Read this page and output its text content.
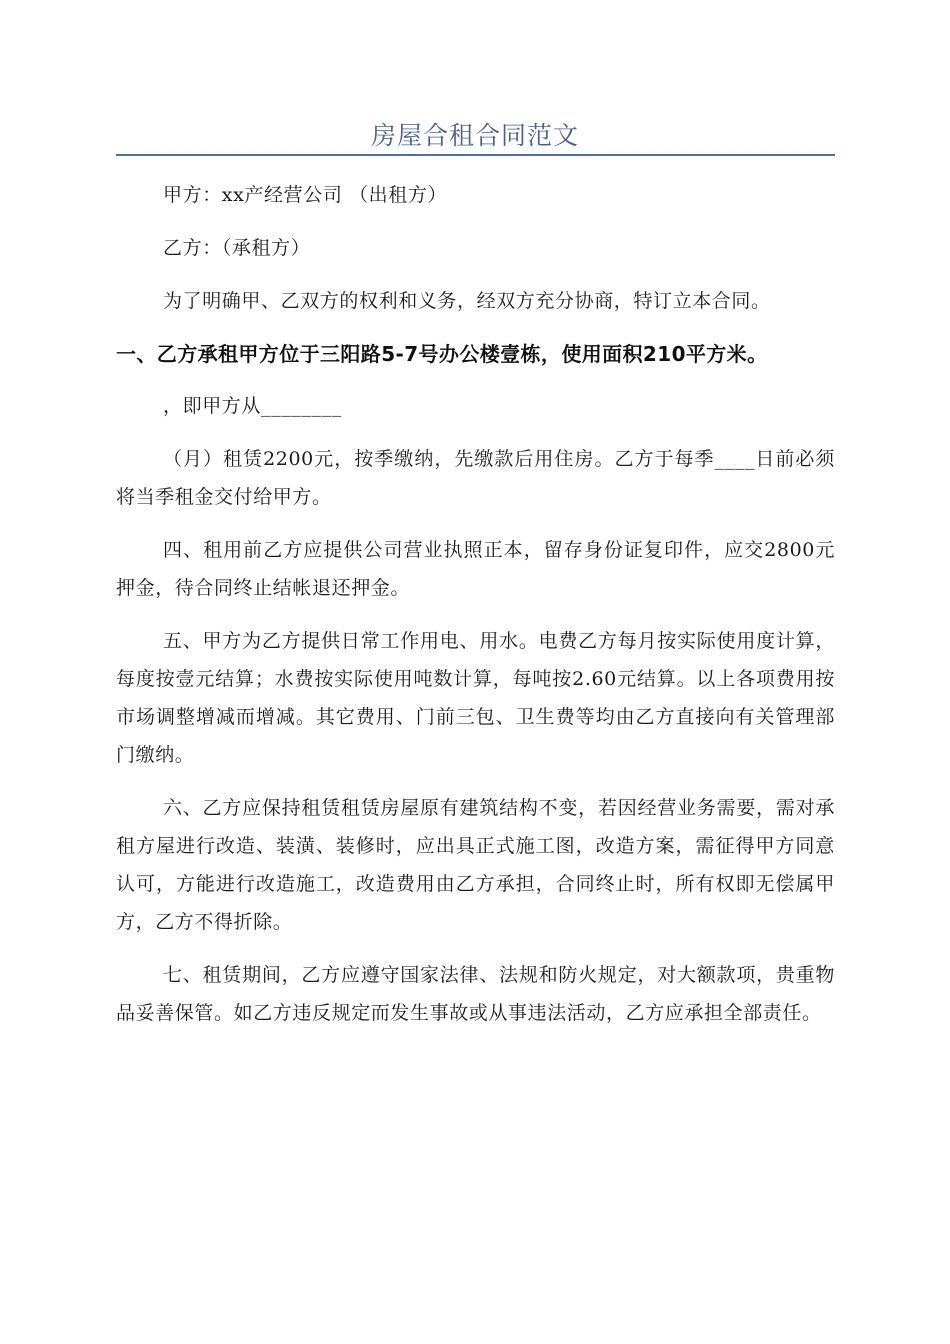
房屋合租合同范文

甲方：xx产经营公司 （出租方）

乙方：（承租方）

为了明确甲、乙双方的权利和义务，经双方充分协商，特订立本合同。

一、乙方承租甲方位于三阳路5-7号办公楼壹栋，使用面积210平方米。

，即甲方从________

（月）租赁2200元，按季缴纳，先缴款后用住房。乙方于每季____日前必须将当季租金交付给甲方。

四、租用前乙方应提供公司营业执照正本，留存身份证复印件，应交2800元押金，待合同终止结帐退还押金。

五、甲方为乙方提供日常工作用电、用水。电费乙方每月按实际使用度计算，每度按壹元结算；水费按实际使用吨数计算，每吨按2.60元结算。以上各项费用按市场调整增减而增减。其它费用、门前三包、卫生费等均由乙方直接向有关管理部门缴纳。

六、乙方应保持租赁租赁房屋原有建筑结构不变，若因经营业务需要，需对承租方屋进行改造、装潢、装修时，应出具正式施工图，改造方案，需征得甲方同意认可，方能进行改造施工，改造费用由乙方承担，合同终止时，所有权即无偿属甲方，乙方不得折除。

七、租赁期间，乙方应遵守国家法律、法规和防火规定，对大额款项，贵重物品妥善保管。如乙方违反规定而发生事故或从事违法活动，乙方应承担全部责任。
